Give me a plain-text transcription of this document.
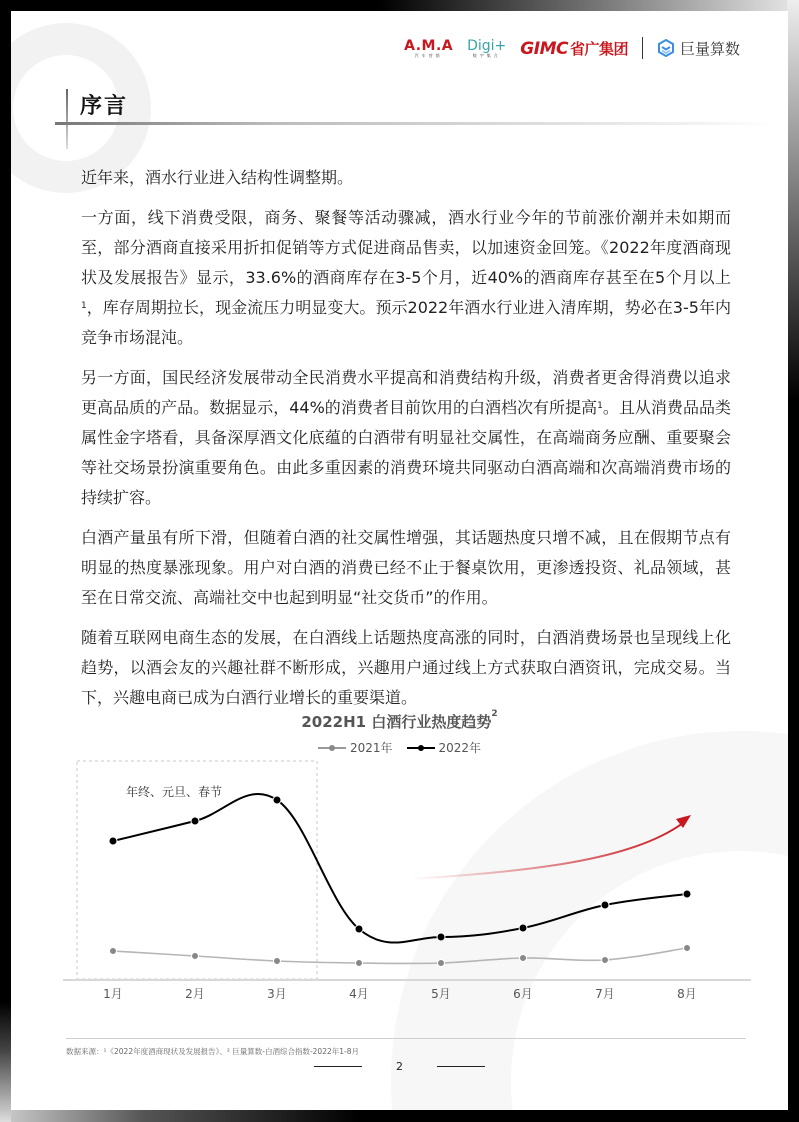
A.M.A
汽车营销
Digi+
数字集合 GIMC 省广集团	巨量算数
序言

近年来，酒水行业进入结构性调整期。

一方面，线下消费受限，商务、聚餐等活动骤减，酒水行业今年的节前涨价潮并未如期而至，部分酒商直接采用折扣促销等方式促进商品售卖，以加速资金回笼。《2022年度酒商现状及发展报告》显示，33.6%的酒商库存在3-5个月，近40%的酒商库存甚至在5个月以上$^1$，库存周期拉长，现金流压力明显变大。预示2022年酒水行业进入清库期，势必在3-5年内竞争市场混沌。

另一方面，国民经济发展带动全民消费水平提高和消费结构升级，消费者更舍得消费以追求更高品质的产品。数据显示，44%的消费者目前饮用的白酒档次有所提高$^1$。且从消费品品类属性金字塔看，具备深厚酒文化底蕴的白酒带有明显社交属性，在高端商务应酬、重要聚会等社交场景扮演重要角色。由此多重因素的消费环境共同驱动白酒高端和次高端消费市场的持续扩容。

白酒产量虽有所下滑，但随着白酒的社交属性增强，其话题热度只增不减，且在假期节点有明显的热度暴涨现象。用户对白酒的消费已经不止于餐桌饮用，更渗透投资、礼品领域，甚至在日常交流、高端社交中也起到明显“社交货币”的作用。

随着互联网电商生态的发展，在白酒线上话题热度高涨的同时，白酒消费场景也呈现线上化趋势，以酒会友的兴趣社群不断形成，兴趣用户通过线上方式获取白酒资讯，完成交易。当下，兴趣电商已成为白酒行业增长的重要渠道。

2022H1 白酒行业热度趋势$^2$
2021年	2022年
年终、元旦、春节
1月	2月	3月	4月	5月	6月	7月	8月
数据来源：¹《2022年度酒商现状及发展报告》、² 巨量算数-白酒综合指数-2022年1-8月
2
